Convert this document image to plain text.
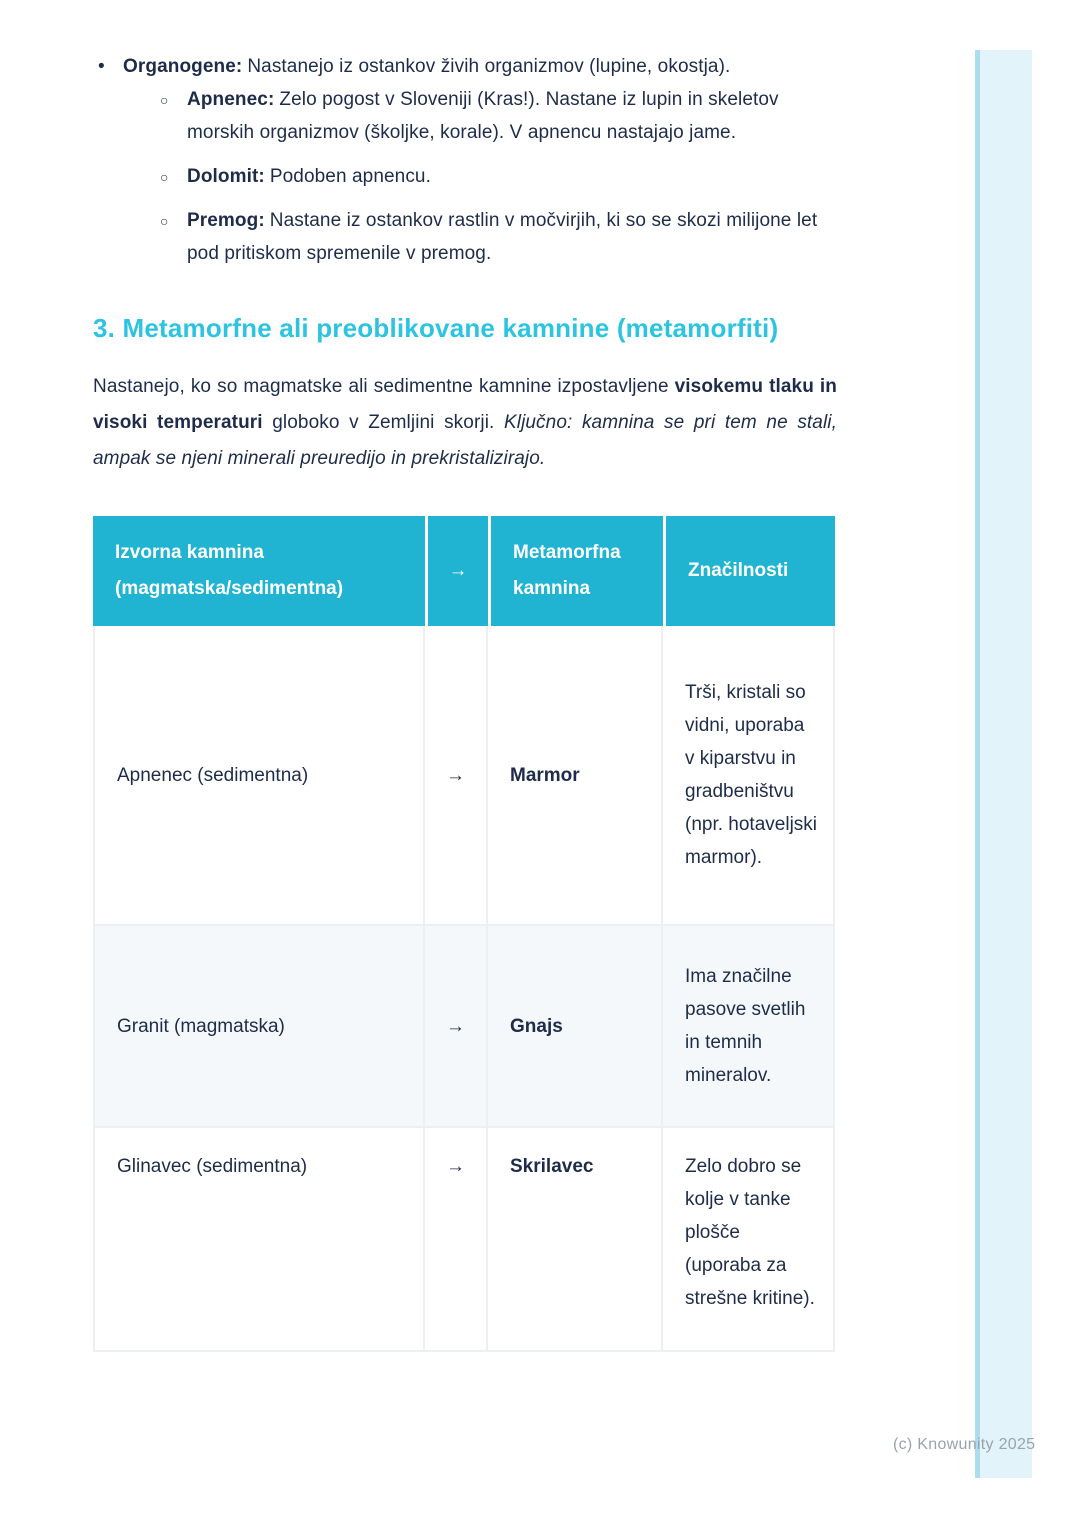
• Organogene: Nastanejo iz ostankov živih organizmov (lupine, okostja).
○ Apnenec: Zelo pogost v Sloveniji (Kras!). Nastane iz lupin in skeletov morskih organizmov (školjke, korale). V apnencu nastajajo jame.
○ Dolomit: Podoben apnencu.
○ Premog: Nastane iz ostankov rastlin v močvirjih, ki so se skozi milijone let pod pritiskom spremenile v premog.
3. Metamorfne ali preoblikovane kamnine (metamorfiti)

Nastanejo, ko so magmatske ali sedimentne kamnine izpostavljene visokemu tlaku in visoki temperaturi globoko v Zemljini skorji. Ključno: kamnina se pri tem ne stali, ampak se njeni minerali preuredijo in prekristalizirajo.

Izvorna kamnina (magmatska/sedimentna)	→	Metamorfna kamnina	Značilnosti
Apnenec (sedimentna)	→	Marmor	Trši, kristali so vidni, uporaba v kiparstvu in gradbeništvu (npr. hotaveljski marmor).
Granit (magmatska)	→	Gnajs	Ima značilne pasove svetlih in temnih mineralov.
Glinavec (sedimentna)	→	Skrilavec	Zelo dobro se kolje v tanke plošče (uporaba za strešne kritine).
(c) Knowunity 2025
